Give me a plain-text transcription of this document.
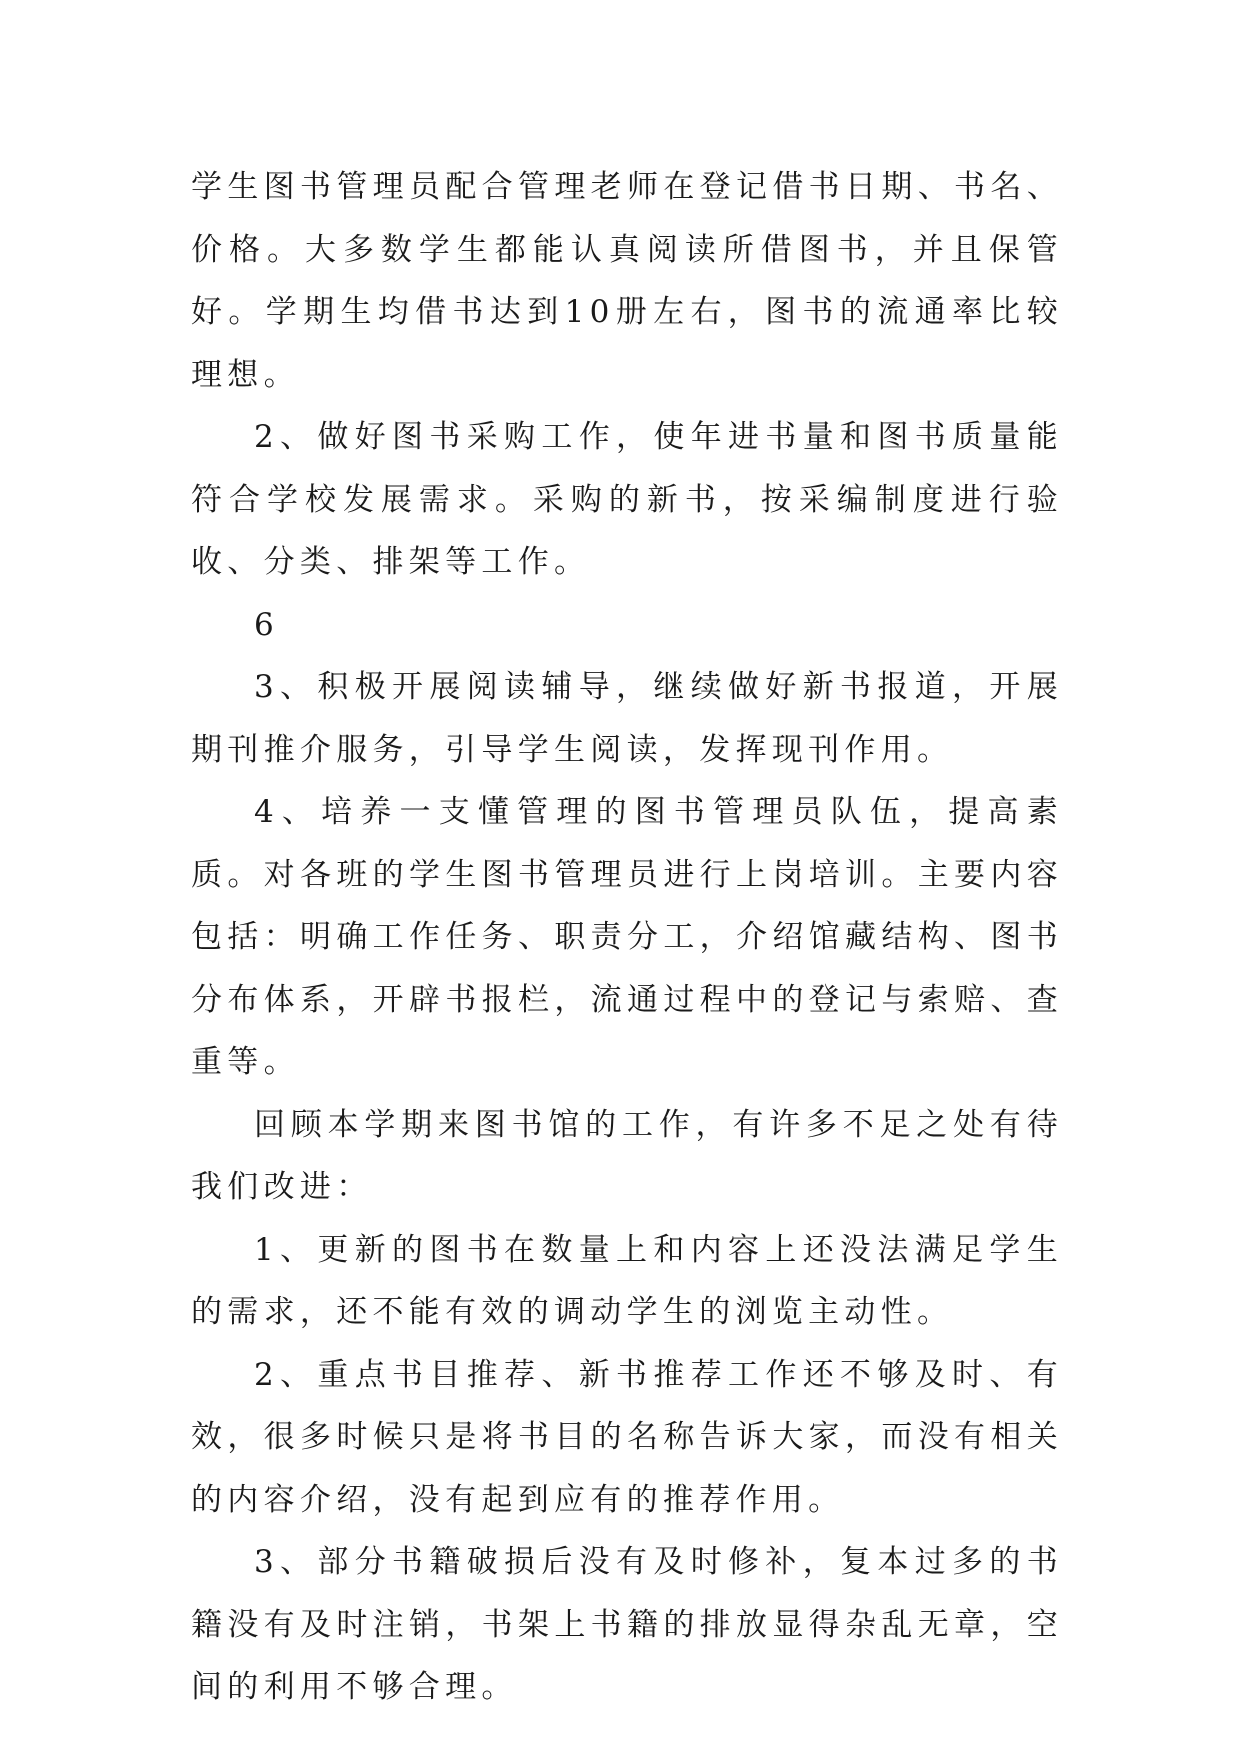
学生图书管理员配合管理老师在登记借书日期、书名、价格。大多数学生都能认真阅读所借图书，并且保管好。学期生均借书达到10册左右，图书的流通率比较理想。

2、做好图书采购工作，使年进书量和图书质量能符合学校发展需求。采购的新书，按采编制度进行验收、分类、排架等工作。

6

3、积极开展阅读辅导，继续做好新书报道，开展期刊推介服务，引导学生阅读，发挥现刊作用。

4、培养一支懂管理的图书管理员队伍，提高素质。对各班的学生图书管理员进行上岗培训。主要内容包括：明确工作任务、职责分工，介绍馆藏结构、图书分布体系，开辟书报栏，流通过程中的登记与索赔、查重等。

回顾本学期来图书馆的工作，有许多不足之处有待我们改进：

1、更新的图书在数量上和内容上还没法满足学生的需求，还不能有效的调动学生的浏览主动性。

2、重点书目推荐、新书推荐工作还不够及时、有效，很多时候只是将书目的名称告诉大家，而没有相关的内容介绍，没有起到应有的推荐作用。

3、部分书籍破损后没有及时修补，复本过多的书籍没有及时注销，书架上书籍的排放显得杂乱无章，空间的利用不够合理。
